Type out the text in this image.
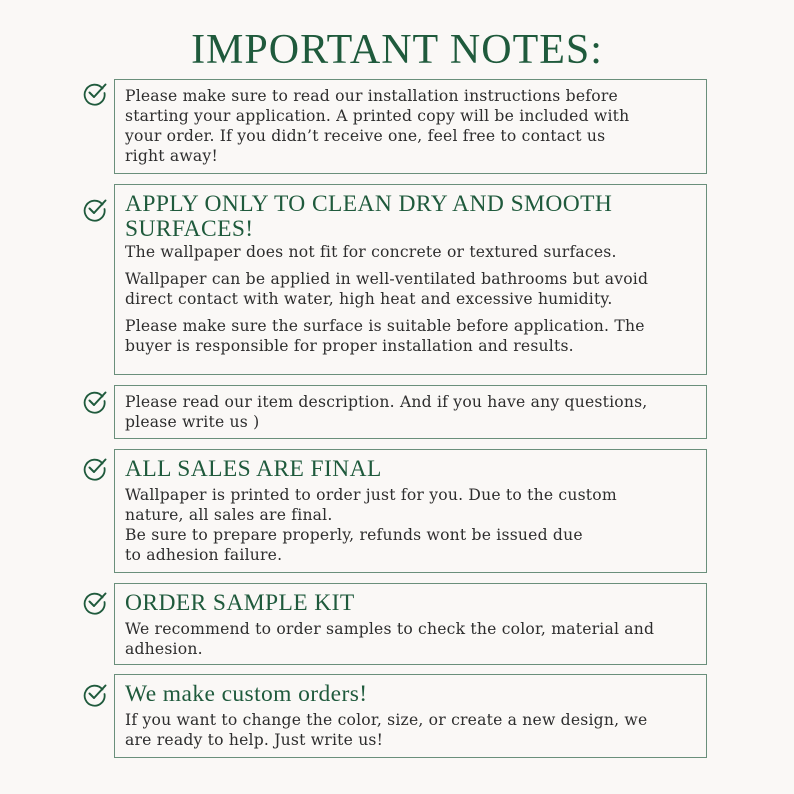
IMPORTANT NOTES:

Please make sure to read our installation instructions before
starting your application. A printed copy will be included with
your order. If you didn’t receive one, feel free to contact us
right away!

APPLY ONLY TO CLEAN DRY AND SMOOTH
SURFACES!

The wallpaper does not fit for concrete or textured surfaces.

Wallpaper can be applied in well-ventilated bathrooms but avoid
direct contact with water, high heat and excessive humidity.

Please make sure the surface is suitable before application. The
buyer is responsible for proper installation and results.

Please read our item description. And if you have any questions,
please write us )

ALL SALES ARE FINAL

Wallpaper is printed to order just for you. Due to the custom
nature, all sales are final.
Be sure to prepare properly, refunds wont be issued due
to adhesion failure.

ORDER SAMPLE KIT

We recommend to order samples to check the color, material and
adhesion.

We make custom orders!

If you want to change the color, size, or create a new design, we
are ready to help. Just write us!
